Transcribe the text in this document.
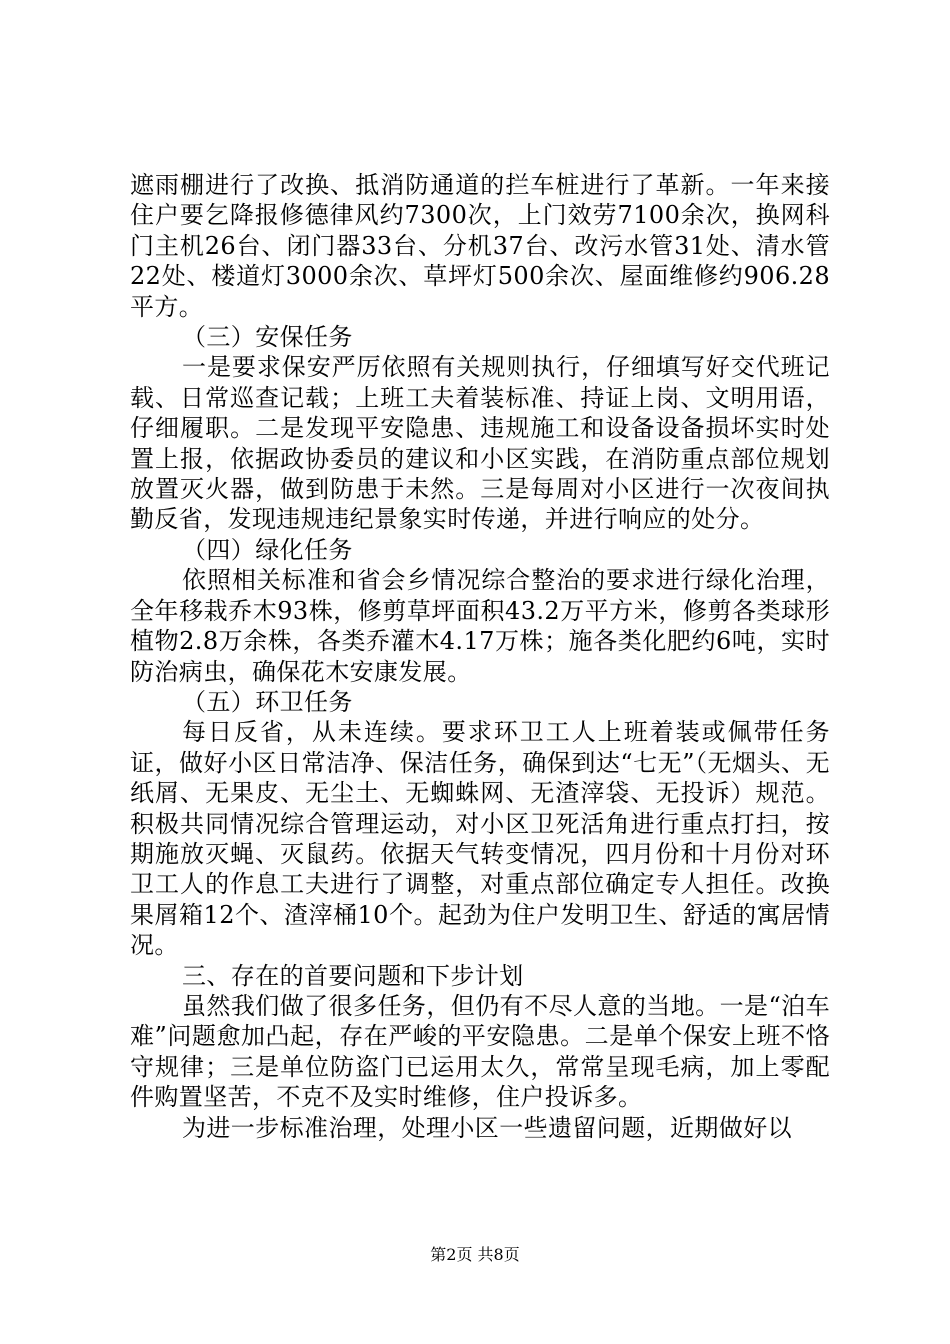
遮雨棚进行了改换、抵消防通道的拦车桩进行了革新。一年来接住户要乞降报修德律风约7300次，上门效劳7100余次，换网科门主机26台、闭门器33台、分机37台、改污水管31处、清水管22处、楼道灯3000余次、草坪灯500余次、屋面维修约906.28平方。

（三）安保任务

一是要求保安严厉依照有关规则执行，仔细填写好交代班记载、日常巡查记载；上班工夫着装标准、持证上岗、文明用语，仔细履职。二是发现平安隐患、违规施工和设备设备损坏实时处置上报，依据政协委员的建议和小区实践，在消防重点部位规划放置灭火器，做到防患于未然。三是每周对小区进行一次夜间执勤反省，发现违规违纪景象实时传递，并进行响应的处分。

（四）绿化任务

依照相关标准和省会乡情况综合整治的要求进行绿化治理，全年移栽乔木93株，修剪草坪面积43.2万平方米，修剪各类球形植物2.8万余株，各类乔灌木4.17万株；施各类化肥约6吨，实时防治病虫，确保花木安康发展。

（五）环卫任务

每日反省，从未连续。要求环卫工人上班着装或佩带任务证，做好小区日常洁净、保洁任务，确保到达“七无”（无烟头、无纸屑、无果皮、无尘土、无蜘蛛网、无渣滓袋、无投诉）规范。积极共同情况综合管理运动，对小区卫死活角进行重点打扫，按期施放灭蝇、灭鼠药。依据天气转变情况，四月份和十月份对环卫工人的作息工夫进行了调整，对重点部位确定专人担任。改换果屑箱12个、渣滓桶10个。起劲为住户发明卫生、舒适的寓居情况。

三、存在的首要问题和下步计划

虽然我们做了很多任务，但仍有不尽人意的当地。一是“泊车难”问题愈加凸起，存在严峻的平安隐患。二是单个保安上班不恪守规律；三是单位防盗门已运用太久，常常呈现毛病，加上零配件购置坚苦，不克不及实时维修，住户投诉多。

为进一步标准治理，处理小区一些遗留问题，近期做好以

第2页 共8页
